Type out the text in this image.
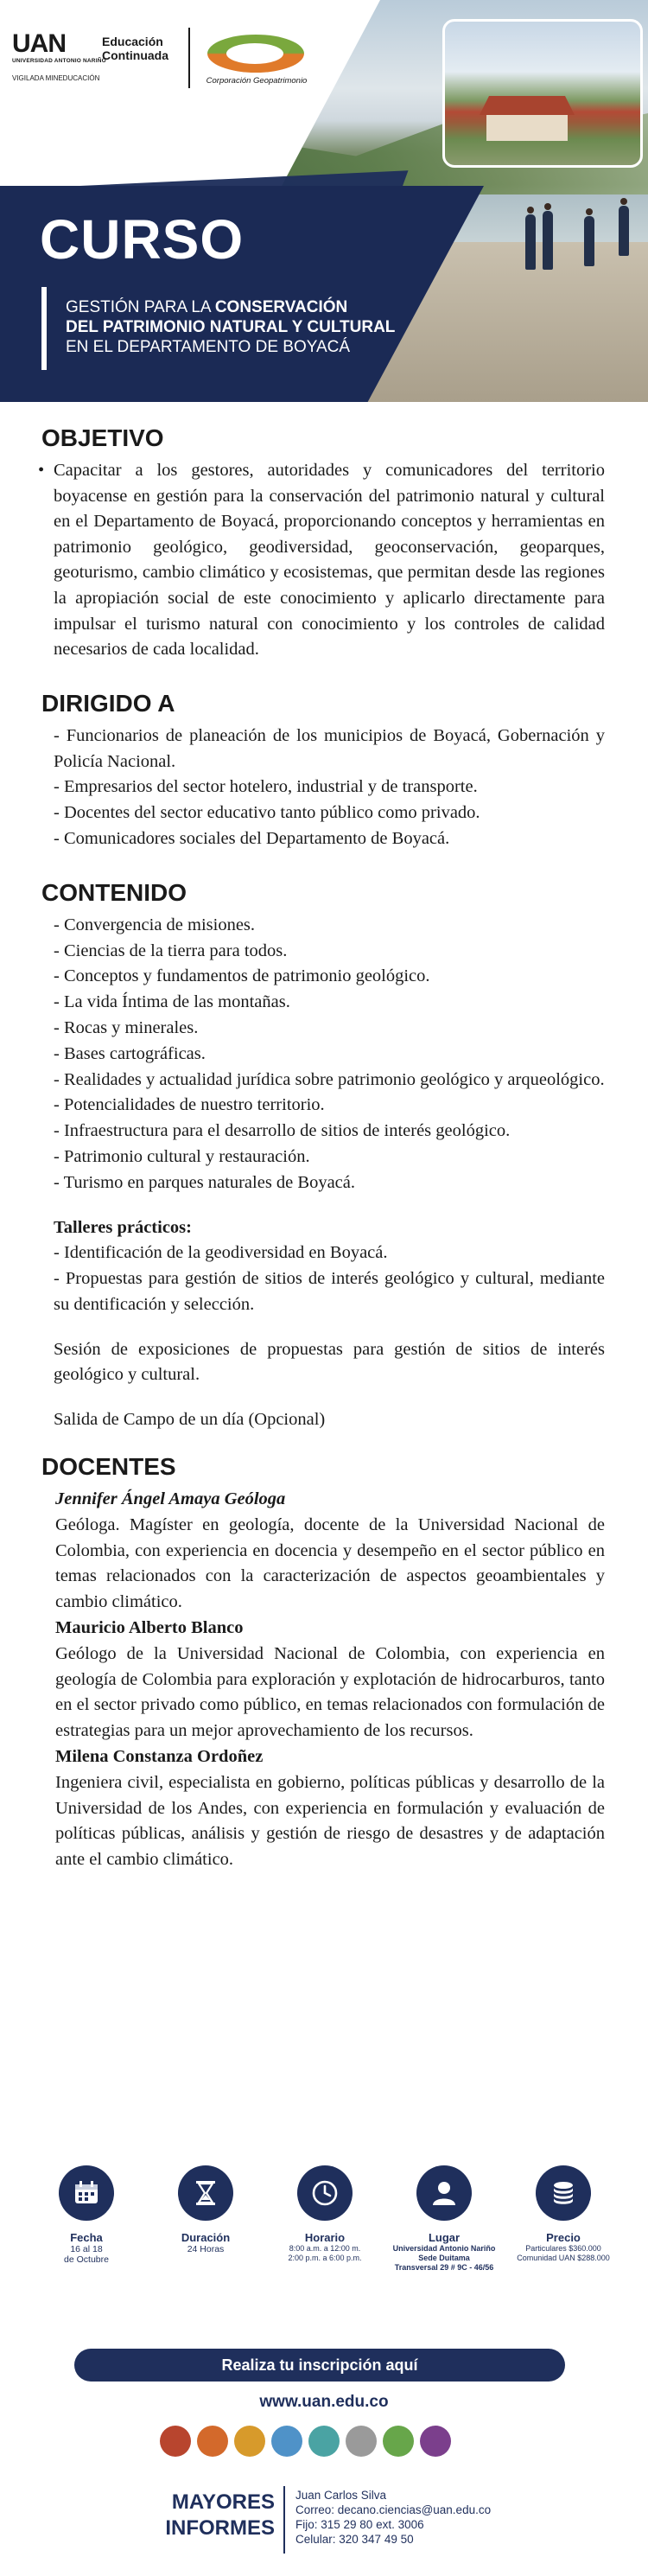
UAN
UNIVERSIDAD ANTONIO NARIÑO
Educación
Continuada
VIGILADA MINEDUCACIÓN	Corporación Geopatrimonio
CURSO
GESTIÓN PARA LA CONSERVACIÓN
DEL PATRIMONIO NATURAL Y CULTURAL
EN EL DEPARTAMENTO DE BOYACÁ
OBJETIVO

• Capacitar a los gestores, autoridades y comunicadores del territorio boyacense en gestión para la conservación del patrimonio natural y cultural en el Departamento de Boyacá, proporcionando conceptos y herramientas en patrimonio geológico, geodiversidad, geoconservación, geoparques, geoturismo, cambio climático y ecosistemas, que permitan desde las regiones la apropiación social de este conocimiento y aplicarlo directamente para impulsar el turismo natural con conocimiento y los controles de calidad necesarios de cada localidad.

DIRIGIDO A
- Funcionarios de planeación de los municipios de Boyacá, Gobernación y Policía Nacional.
- Empresarios del sector hotelero, industrial y de transporte.
- Docentes del sector educativo tanto público como privado.
- Comunicadores sociales del Departamento de Boyacá.
CONTENIDO
- Convergencia de misiones.
- Ciencias de la tierra para todos.
- Conceptos y fundamentos de patrimonio geológico.
- La vida Íntima de las montañas.
- Rocas y minerales.
- Bases cartográficas.
- Realidades y actualidad jurídica sobre patrimonio geológico y arqueológico.
- Potencialidades de nuestro territorio.
- Infraestructura para el desarrollo de sitios de interés geológico.
- Patrimonio cultural y restauración.
- Turismo en parques naturales de Boyacá.

Talleres prácticos:

- Identificación de la geodiversidad en Boyacá.
- Propuestas para gestión de sitios de interés geológico y cultural, mediante su dentificación y selección.

Sesión de exposiciones de propuestas para gestión de sitios de interés geológico y cultural.

Salida de Campo de un día (Opcional)

DOCENTES
Jennifer Ángel Amaya Geóloga

Geóloga. Magíster en geología, docente de la Universidad Nacional de Colombia, con experiencia en docencia y desempeño en el sector público en temas relacionados con la caracterización de aspectos geoambientales y cambio climático.

Mauricio Alberto Blanco

Geólogo de la Universidad Nacional de Colombia, con experiencia en geología de Colombia para exploración y explotación de hidrocarburos, tanto en el sector privado como público, en temas relacionados con formulación de estrategias para un mejor aprovechamiento de los recursos.

Milena Constanza Ordoñez

Ingeniera civil, especialista en gobierno, políticas públicas y desarrollo de la Universidad de los Andes, con experiencia en formulación y evaluación de políticas públicas, análisis y gestión de riesgo de desastres y de adaptación ante el cambio climático.

Fecha
16 al 18
de Octubre
Duración
24 Horas
Horario
8:00 a.m. a 12:00 m.
2:00 p.m. a 6:00 p.m.
Lugar
Universidad Antonio Nariño
Sede Duitama
Transversal 29 # 9C - 46/56
Precio
Particulares $360.000
Comunidad UAN $288.000
Realiza tu inscripción aquí
www.uan.edu.co
MAYORES
INFORMES
Juan Carlos Silva
Correo: decano.ciencias@uan.edu.co
Fijo: 315 29 80 ext. 3006
Celular: 320 347 49 50
